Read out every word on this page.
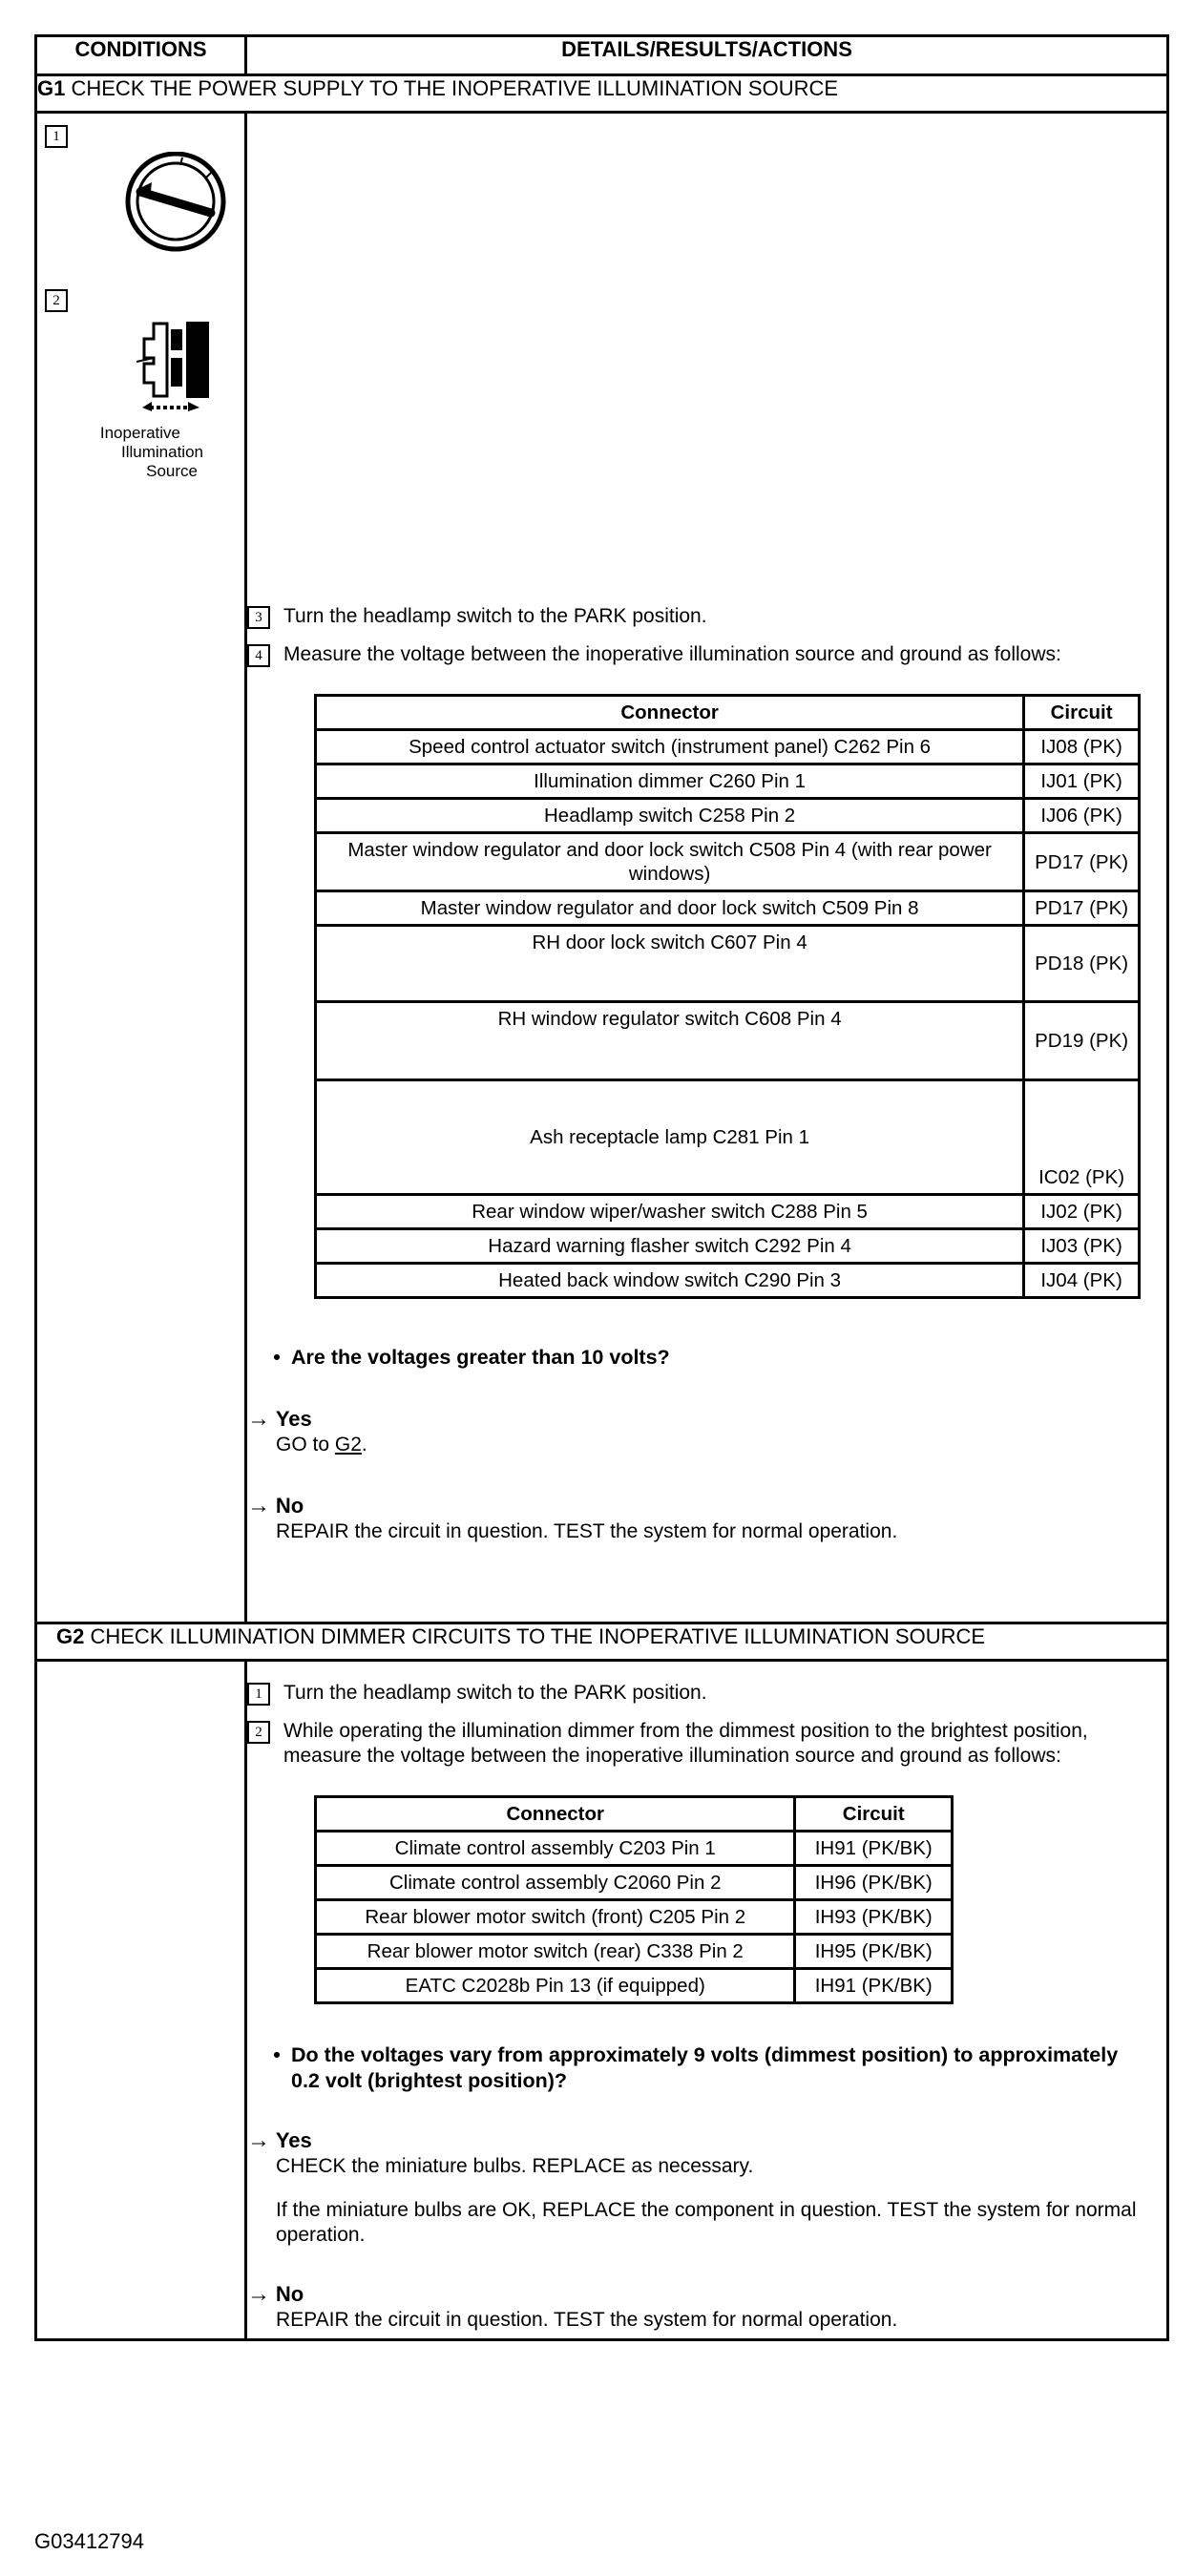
CONDITIONS	DETAILS/RESULTS/ACTIONS
G1 CHECK THE POWER SUPPLY TO THE INOPERATIVE ILLUMINATION SOURCE

1
2
Inoperative
Illumination
Source

3	Turn the headlamp switch to the PARK position.
4	Measure the voltage between the inoperative illumination source and ground as follows:
Connector	Circuit
Speed control actuator switch (instrument panel) C262 Pin 6	IJ08 (PK)
Illumination dimmer C260 Pin 1	IJ01 (PK)
Headlamp switch C258 Pin 2	IJ06 (PK)
Master window regulator and door lock switch C508 Pin 4 (with rear power windows)	PD17 (PK)
Master window regulator and door lock switch C509 Pin 8	PD17 (PK)
RH door lock switch C607 Pin 4	PD18 (PK)
RH window regulator switch C608 Pin 4	PD19 (PK)
Ash receptacle lamp C281 Pin 1	IC02 (PK)
Rear window wiper/washer switch C288 Pin 5	IJ02 (PK)
Hazard warning flasher switch C292 Pin 4	IJ03 (PK)
Heated back window switch C290 Pin 3	IJ04 (PK)
• Are the voltages greater than 10 volts?
→ Yes
GO to G2.
→ No
REPAIR the circuit in question. TEST the system for normal operation.

G2 CHECK ILLUMINATION DIMMER CIRCUITS TO THE INOPERATIVE ILLUMINATION SOURCE

1	Turn the headlamp switch to the PARK position.
2	While operating the illumination dimmer from the dimmest position to the brightest position, measure the voltage between the inoperative illumination source and ground as follows:
Connector	Circuit
Climate control assembly C203 Pin 1	IH91 (PK/BK)
Climate control assembly C2060 Pin 2	IH96 (PK/BK)
Rear blower motor switch (front) C205 Pin 2	IH93 (PK/BK)
Rear blower motor switch (rear) C338 Pin 2	IH95 (PK/BK)
EATC C2028b Pin 13 (if equipped)	IH91 (PK/BK)
• Do the voltages vary from approximately 9 volts (dimmest position) to approximately 0.2 volt (brightest position)?
→ Yes
CHECK the miniature bulbs. REPLACE as necessary.
If the miniature bulbs are OK, REPLACE the component in question. TEST the system for normal operation.
→ No
REPAIR the circuit in question. TEST the system for normal operation.
G03412794
